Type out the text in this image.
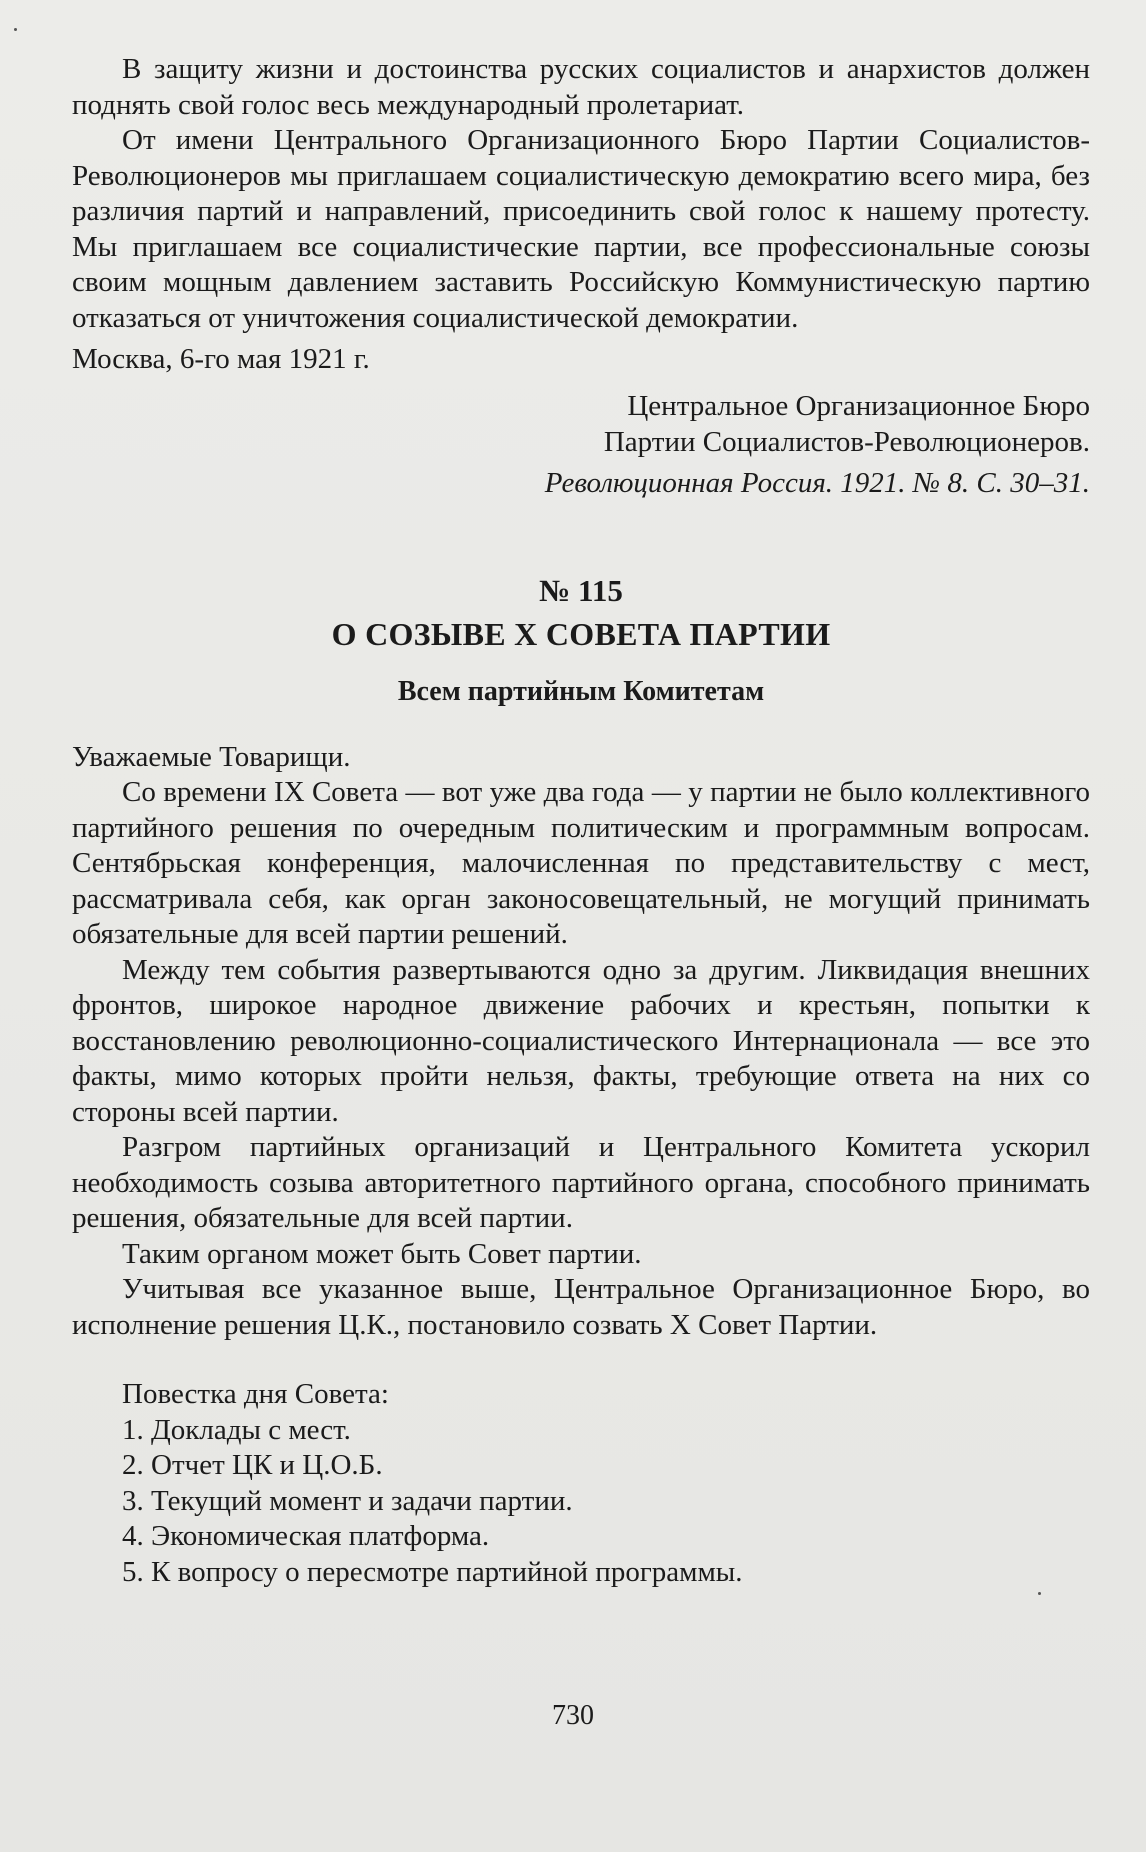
В защиту жизни и достоинства русских социалистов и анархистов должен поднять свой голос весь международный пролетариат.

От имени Центрального Организационного Бюро Партии Социалистов-Революционеров мы приглашаем социалистическую демократию всего мира, без различия партий и направлений, присоединить свой голос к нашему протесту. Мы приглашаем все социалистические партии, все профессиональные союзы своим мощным давлением заставить Российскую Коммунистическую партию отказаться от уничтожения социалистической демократии.

Москва, 6-го мая 1921 г.

Центральное Организационное Бюро

Партии Социалистов-Революционеров.

Революционная Россия. 1921. № 8. С. 30–31.

№ 115

О СОЗЫВЕ X СОВЕТА ПАРТИИ

Всем партийным Комитетам

Уважаемые Товарищи.

Со времени IX Совета — вот уже два года — у партии не было коллективного партийного решения по очередным политическим и программным вопросам. Сентябрьская конференция, малочисленная по представительству с мест, рассматривала себя, как орган законосовещательный, не могущий принимать обязательные для всей партии решений.

Между тем события развертываются одно за другим. Ликвидация внешних фронтов, широкое народное движение рабочих и крестьян, попытки к восстановлению революционно-социалистического Интернационала — все это факты, мимо которых пройти нельзя, факты, требующие ответа на них со стороны всей партии.

Разгром партийных организаций и Центрального Комитета ускорил необходимость созыва авторитетного партийного органа, способного принимать решения, обязательные для всей партии.

Таким органом может быть Совет партии.

Учитывая все указанное выше, Центральное Организационное Бюро, во исполнение решения Ц.К., постановило созвать X Совет Партии.

Повестка дня Совета:

1. Доклады с мест.

2. Отчет ЦК и Ц.О.Б.

3. Текущий момент и задачи партии.

4. Экономическая платформа.

5. К вопросу о пересмотре партийной программы.

730
